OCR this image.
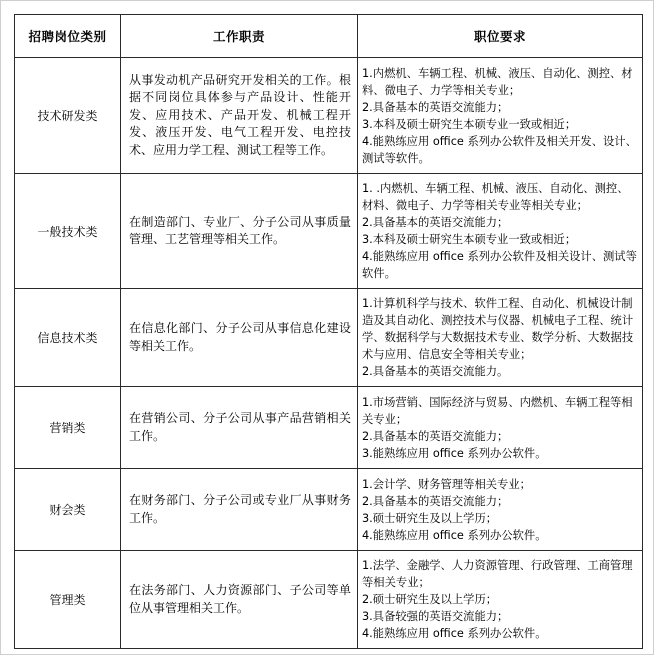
招聘岗位类别	工作职责	职位要求
技术研发类	从事发动机产品研究开发相关的工作。根据不同岗位具体参与产品设计、性能开发、应用技术、产品开发、机械工程开发、液压开发、电气工程开发、电控技术、应用力学工程、测试工程等工作。	1.内燃机、车辆工程、机械、液压、自动化、测控、材料、微电子、力学等相关专业；
2.具备基本的英语交流能力；
3.本科及硕士研究生本硕专业一致或相近；
4.能熟练应用 office 系列办公软件及相关开发、设计、测试等软件。

一般技术类	在制造部门、专业厂、分子公司从事质量管理、工艺管理等相关工作。	1. .内燃机、车辆工程、机械、液压、自动化、测控、材料、微电子、力学等相关专业等相关专业；
2.具备基本的英语交流能力；
3.本科及硕士研究生本硕专业一致或相近；
4.能熟练应用 office 系列办公软件及相关设计、测试等软件。

信息技术类	在信息化部门、分子公司从事信息化建设等相关工作。	1.计算机科学与技术、软件工程、自动化、机械设计制造及其自动化、测控技术与仪器、机械电子工程、统计学、数据科学与大数据技术专业、数学分析、大数据技术与应用、信息安全等相关专业；
2.具备基本的英语交流能力。

营销类	在营销公司、分子公司从事产品营销相关工作。	1.市场营销、国际经济与贸易、内燃机、车辆工程等相关专业；
2.具备基本的英语交流能力；
3.能熟练应用 office 系列办公软件。

财会类	在财务部门、分子公司或专业厂从事财务工作。	1.会计学、财务管理等相关专业；
2.具备基本的英语交流能力；
3.硕士研究生及以上学历；
4.能熟练应用 office 系列办公软件。

管理类	在法务部门、人力资源部门、子公司等单位从事管理相关工作。	1.法学、金融学、人力资源管理、行政管理、工商管理等相关专业；
2.硕士研究生及以上学历；
3.具备较强的英语交流能力；
4.能熟练应用 office 系列办公软件。
